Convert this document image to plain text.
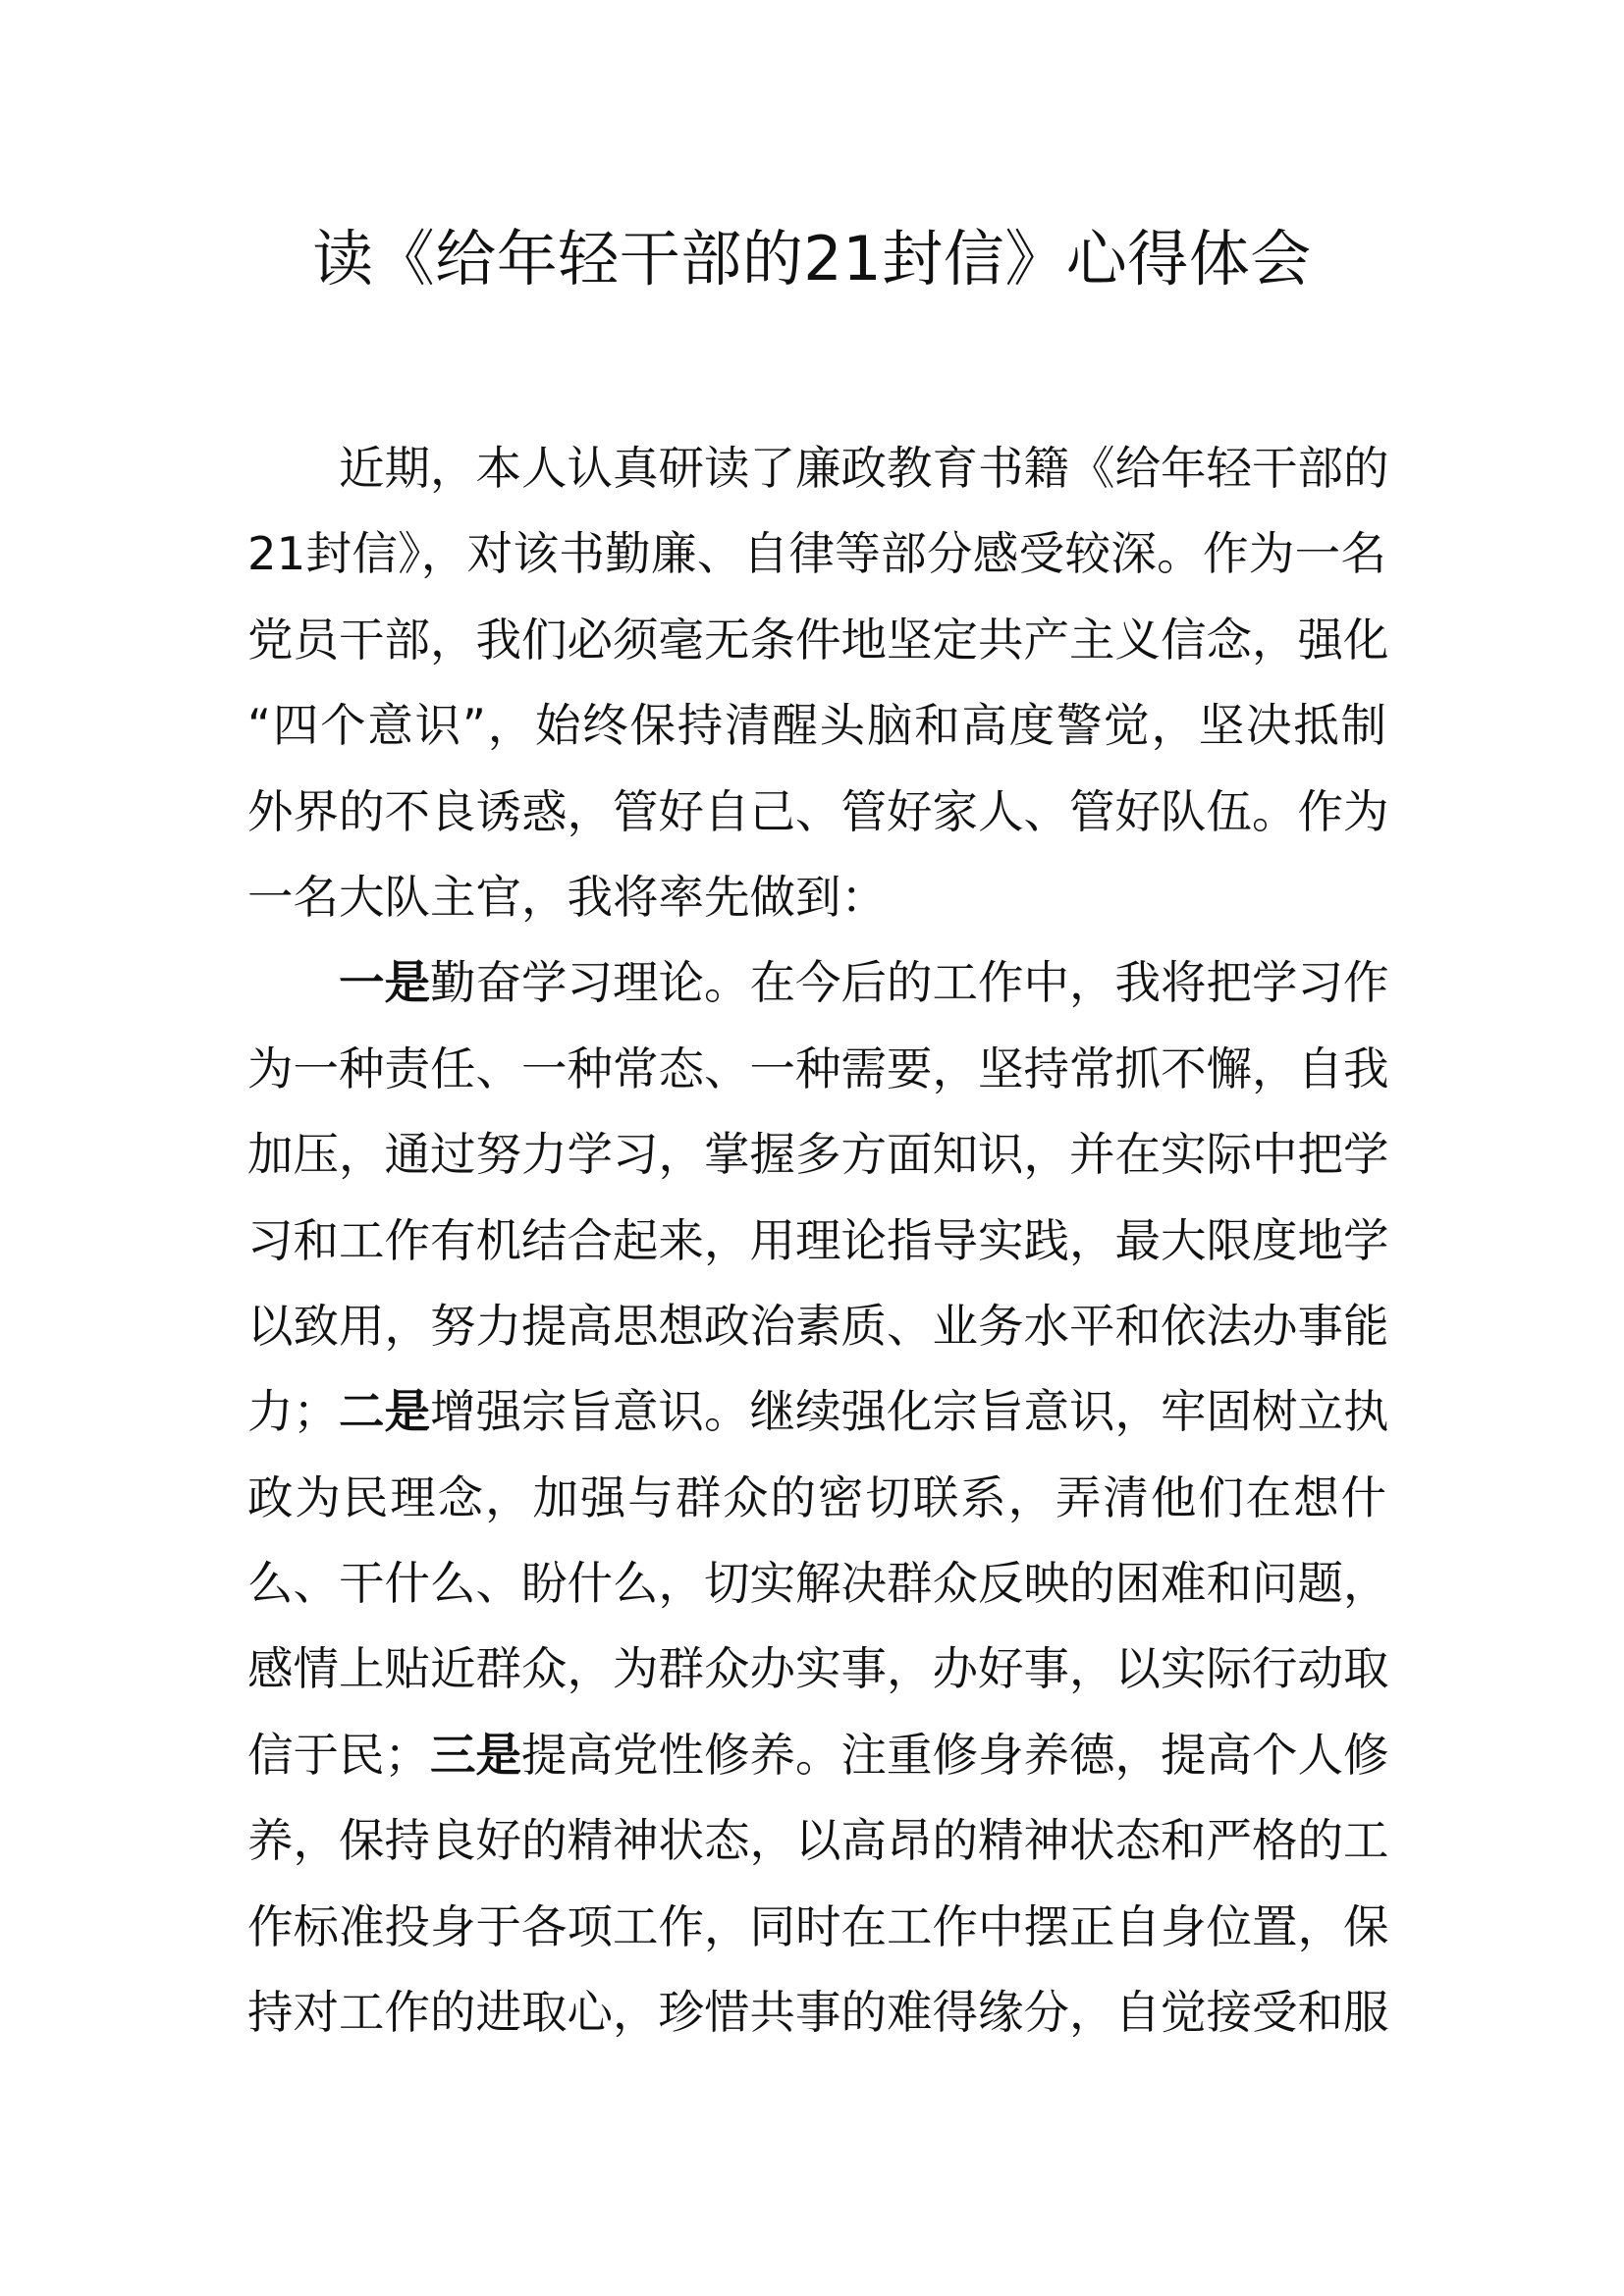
读《给年轻干部的21封信》心得体会
近期，本人认真研读了廉政教育书籍《给年轻干部的
21封信》，对该书勤廉、自律等部分感受较深。作为一名
党员干部，我们必须毫无条件地坚定共产主义信念，强化
“四个意识”，始终保持清醒头脑和高度警觉，坚决抵制
外界的不良诱惑，管好自己、管好家人、管好队伍。作为
一名大队主官，我将率先做到：
一是勤奋学习理论。在今后的工作中，我将把学习作
为一种责任、一种常态、一种需要，坚持常抓不懈，自我
加压，通过努力学习，掌握多方面知识，并在实际中把学
习和工作有机结合起来，用理论指导实践，最大限度地学
以致用，努力提高思想政治素质、业务水平和依法办事能
力；二是增强宗旨意识。继续强化宗旨意识，牢固树立执
政为民理念，加强与群众的密切联系，弄清他们在想什
么、干什么、盼什么，切实解决群众反映的困难和问题，
感情上贴近群众，为群众办实事，办好事，以实际行动取
信于民；三是提高党性修养。注重修身养德，提高个人修
养，保持良好的精神状态，以高昂的精神状态和严格的工
作标准投身于各项工作，同时在工作中摆正自身位置，保
持对工作的进取心，珍惜共事的难得缘分，自觉接受和服
